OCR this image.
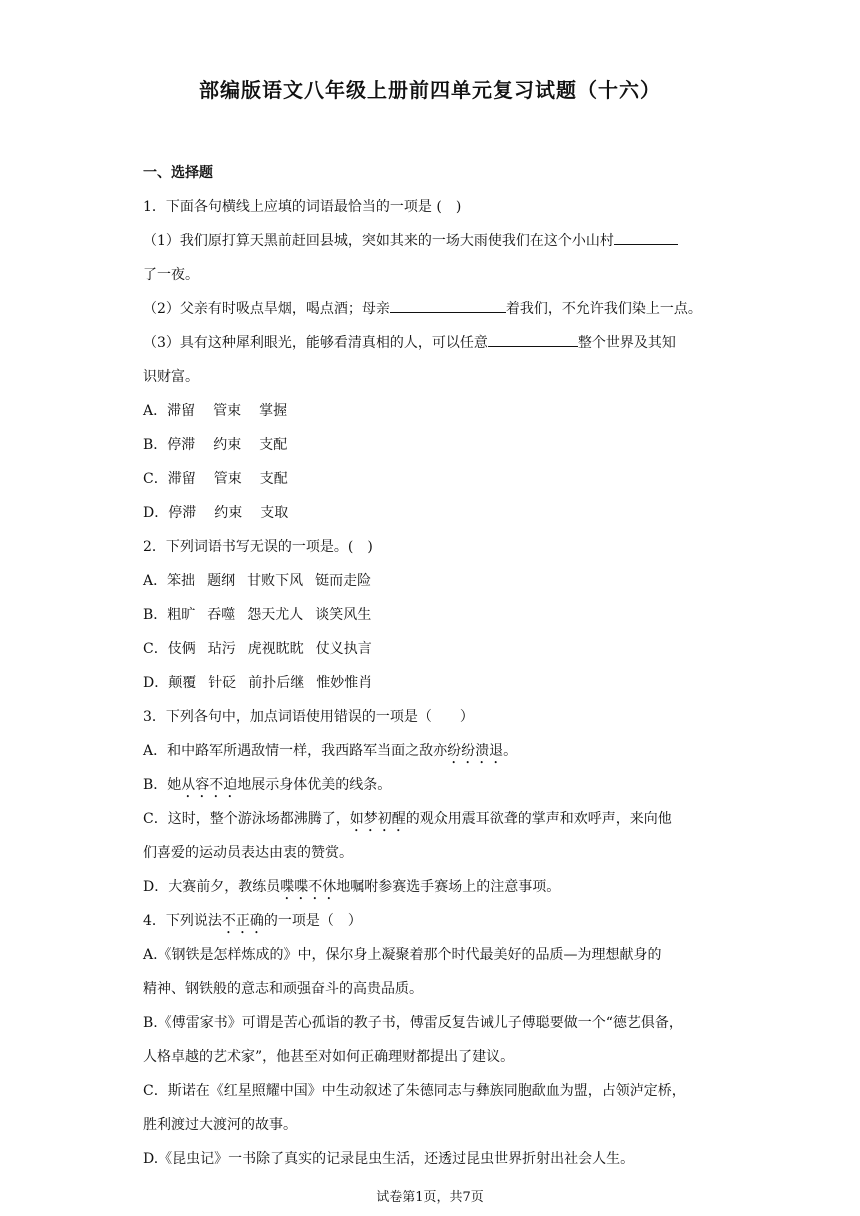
部编版语文八年级上册前四单元复习试题（十六）
一、选择题
1．下面各句横线上应填的词语最恰当的一项是 (　)
（1）我们原打算天黑前赶回县城，突如其来的一场大雨使我们在这个小山村
了一夜。
（2）父亲有时吸点旱烟，喝点酒；母亲	着我们，不允许我们染上一点。
（3）具有这种犀利眼光，能够看清真相的人，可以任意	整个世界及其知
识财富。
A．滞留 管束 掌握
B．停滞 约束 支配
C．滞留 管束 支配
D．停滞 约束 支取
2．下列词语书写无误的一项是。(　)
A．笨拙 题纲 甘败下风 铤而走险
B．粗旷 吞噬 怨天尤人 谈笑风生
C．伎俩 玷污 虎视眈眈 仗义执言
D．颠覆 针砭 前扑后继 惟妙惟肖
3．下列各句中，加点词语使用错误的一项是（　　）
A．和中路军所遇敌情一样，我西路军当面之敌亦纷纷溃退。
B．她从容不迫地展示身体优美的线条。
C．这时，整个游泳场都沸腾了，如梦初醒的观众用震耳欲聋的掌声和欢呼声，来向他
们喜爱的运动员表达由衷的赞赏。
D．大赛前夕，教练员喋喋不休地嘱咐参赛选手赛场上的注意事项。
4．下列说法不正确的一项是（　）
A.《钢铁是怎样炼成的》中，保尔身上凝聚着那个时代最美好的品质—为理想献身的
精神、钢铁般的意志和顽强奋斗的高贵品质。
B.《傅雷家书》可谓是苦心孤诣的教子书，傅雷反复告诫儿子傅聪要做一个“德艺俱备，
人格卓越的艺术家”，他甚至对如何正确理财都提出了建议。
C．斯诺在《红星照耀中国》中生动叙述了朱德同志与彝族同胞歃血为盟，占领泸定桥，
胜利渡过大渡河的故事。
D.《昆虫记》一书除了真实的记录昆虫生活，还透过昆虫世界折射出社会人生。
试卷第1页，共7页
